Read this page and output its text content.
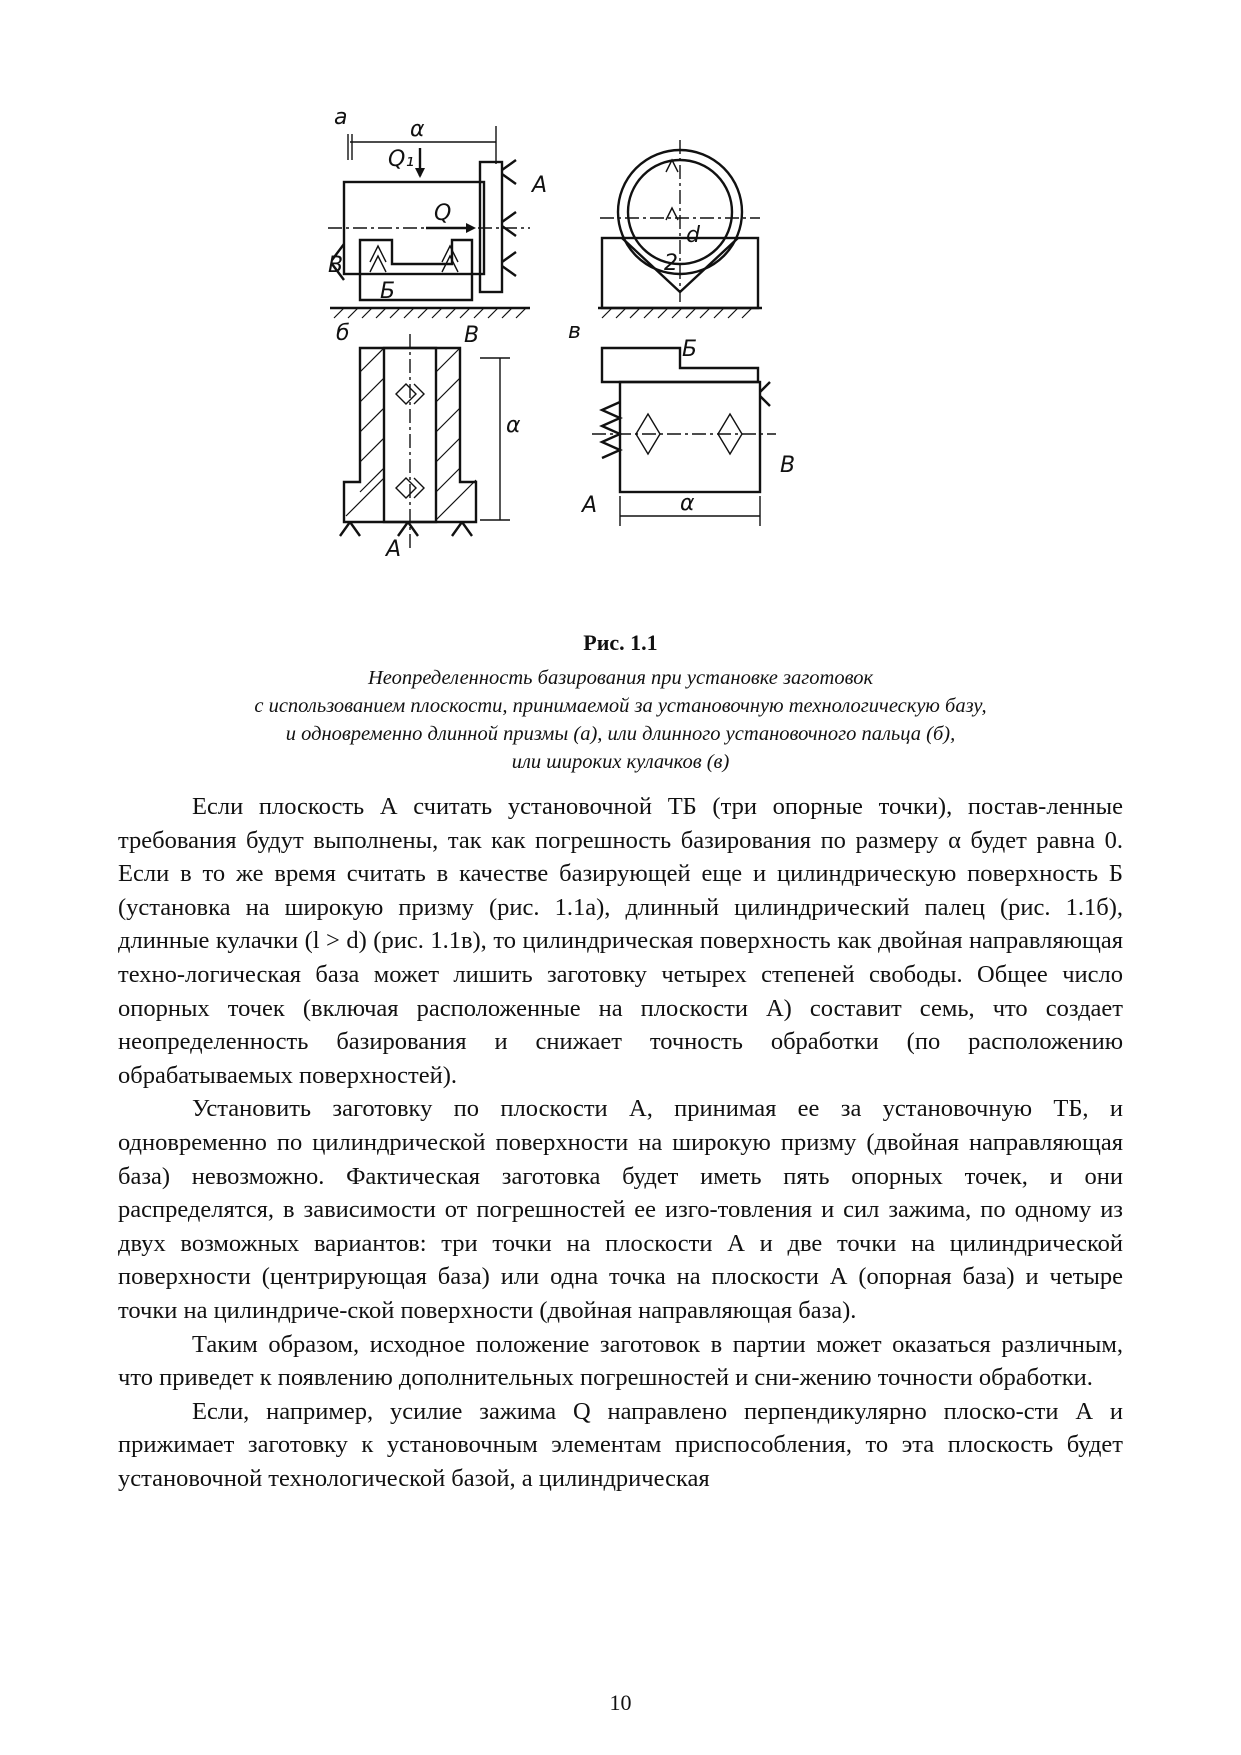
а	α
Q₁
Q
Б
В
A
d
2
б	В
α
A
в
Б
В
A	α
Рис. 1.1
Неопределенность базирования при установке заготовок
с использованием плоскости, принимаемой за установочную технологическую базу,
и одновременно длинной призмы (а), или длинного установочного пальца (б),
или широких кулачков (в)

Если плоскость А считать установочной ТБ (три опорные точки), постав-ленные требования будут выполнены, так как погрешность базирования по размеру α будет равна 0. Если в то же время считать в качестве базирующей еще и цилиндрическую поверхность Б (установка на широкую призму (рис. 1.1а), длинный цилиндрический палец (рис. 1.1б), длинные кулачки (l > d) (рис. 1.1в), то цилиндрическая поверхность как двойная направляющая техно-логическая база может лишить заготовку четырех степеней свободы. Общее число опорных точек (включая расположенные на плоскости А) составит семь, что создает неопределенность базирования и снижает точность обработки (по расположению обрабатываемых поверхностей).

Установить заготовку по плоскости А, принимая ее за установочную ТБ, и одновременно по цилиндрической поверхности на широкую призму (двойная направляющая база) невозможно. Фактическая заготовка будет иметь пять опорных точек, и они распределятся, в зависимости от погрешностей ее изго-товления и сил зажима, по одному из двух возможных вариантов: три точки на плоскости А и две точки на цилиндрической поверхности (центрирующая база) или одна точка на плоскости А (опорная база) и четыре точки на цилиндриче-ской поверхности (двойная направляющая база).

Таким образом, исходное положение заготовок в партии может оказаться различным, что приведет к появлению дополнительных погрешностей и сни-жению точности обработки.

Если, например, усилие зажима Q направлено перпендикулярно плоско-сти А и прижимает заготовку к установочным элементам приспособления, то эта плоскость будет установочной технологической базой, а цилиндрическая

10
